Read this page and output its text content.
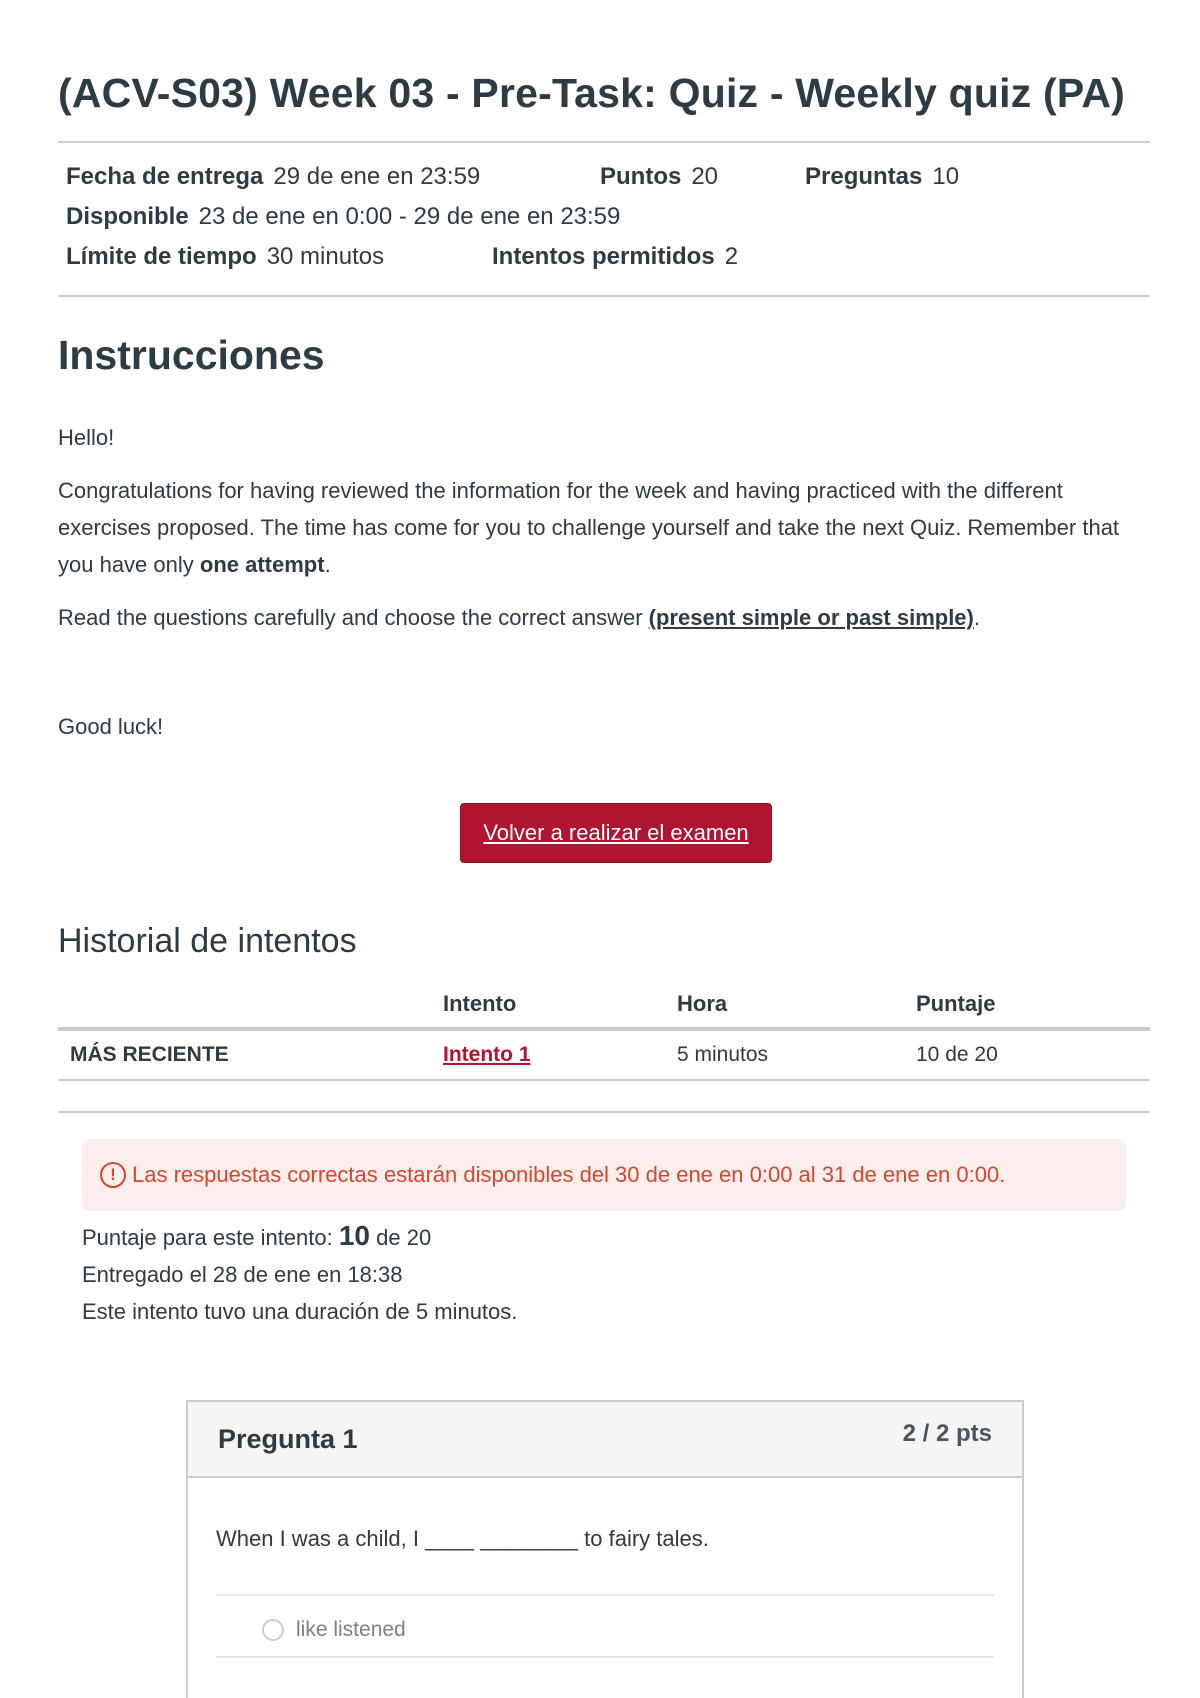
(ACV-S03) Week 03 - Pre-Task: Quiz - Weekly quiz (PA)
Fecha de entrega 29 de ene en 23:59	Puntos 20	Preguntas 10
Disponible 23 de ene en 0:00 - 29 de ene en 23:59
Límite de tiempo 30 minutos	Intentos permitidos 2
Instrucciones

Hello!

Congratulations for having reviewed the information for the week and having practiced with the different exercises proposed. The time has come for you to challenge yourself and take the next Quiz. Remember that you have only one attempt.

Read the questions carefully and choose the correct answer (present simple or past simple).

Good luck!

Volver a realizar el examen
Historial de intentos
	Intento	Hora	Puntaje
MÁS RECIENTE	Intento 1	5 minutos	10 de 20
! Las respuestas correctas estarán disponibles del 30 de ene en 0:00 al 31 de ene en 0:00.
Puntaje para este intento: 10 de 20
Entregado el 28 de ene en 18:38
Este intento tuvo una duración de 5 minutos.
Pregunta 1	2 / 2 pts
When I was a child, I ____ ________ to fairy tales.
like listened
